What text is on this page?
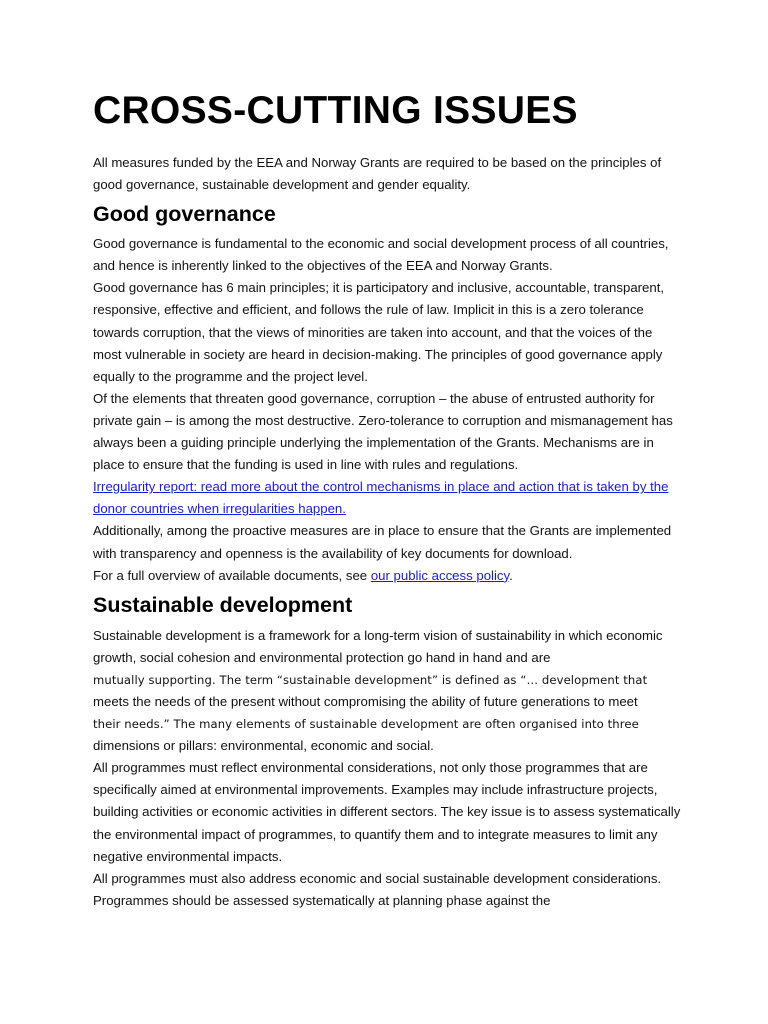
CROSS-CUTTING ISSUES

All measures funded by the EEA and Norway Grants are required to be based on the principles of good governance, sustainable development and gender equality.

Good governance

Good governance is fundamental to the economic and social development process of all countries, and hence is inherently linked to the objectives of the EEA and Norway Grants.

Good governance has 6 main principles; it is participatory and inclusive, accountable, transparent, responsive, effective and efficient, and follows the rule of law. Implicit in this is a zero tolerance towards corruption, that the views of minorities are taken into account, and that the voices of the most vulnerable in society are heard in decision-making. The principles of good governance apply equally to the programme and the project level.

Of the elements that threaten good governance, corruption – the abuse of entrusted authority for private gain – is among the most destructive. Zero-tolerance to corruption and mismanagement has always been a guiding principle underlying the implementation of the Grants. Mechanisms are in place to ensure that the funding is used in line with rules and regulations.

Irregularity report: read more about the control mechanisms in place and action that is taken by the donor countries when irregularities happen.

Additionally, among the proactive measures are in place to ensure that the Grants are implemented with transparency and openness is the availability of key documents for download.

For a full overview of available documents, see our public access policy.

Sustainable development

Sustainable development is a framework for a long-term vision of sustainability in which economic growth, social cohesion and environmental protection go hand in hand and are
mutually supporting. The term “sustainable development” is defined as “… development that
meets the needs of the present without compromising the ability of future generations to meet
their needs.” The many elements of sustainable development are often organised into three
dimensions or pillars: environmental, economic and social.

All programmes must reflect environmental considerations, not only those programmes that are specifically aimed at environmental improvements. Examples may include infrastructure projects, building activities or economic activities in different sectors. The key issue is to assess systematically the environmental impact of programmes, to quantify them and to integrate measures to limit any negative environmental impacts.

All programmes must also address economic and social sustainable development considerations. Programmes should be assessed systematically at planning phase against the
